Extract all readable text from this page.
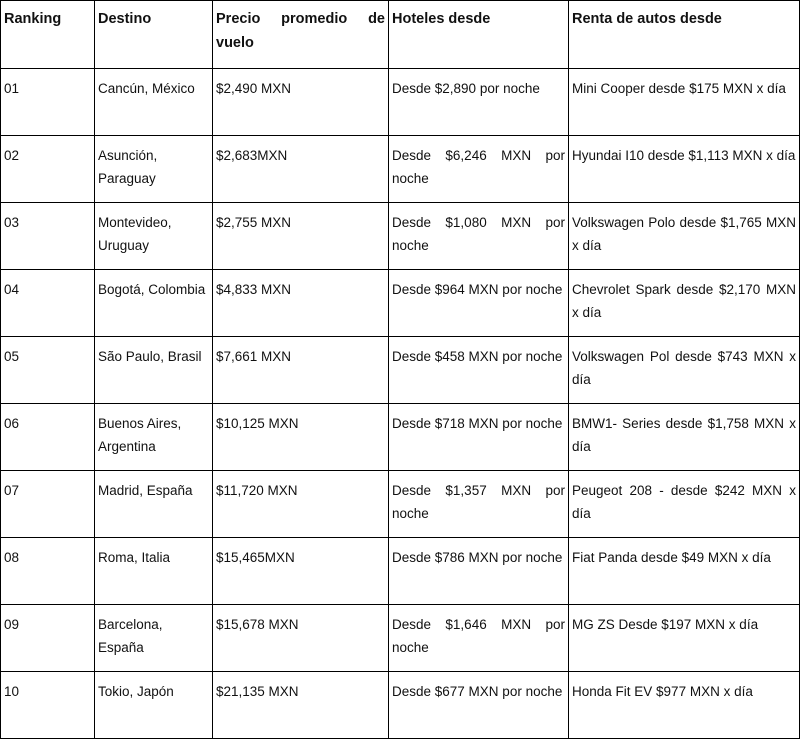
Ranking	Destino	Precio promedio de vuelo	Hoteles desde	Renta de autos desde
01	Cancún, México	$2,490 MXN	Desde $2,890 por noche	Mini Cooper desde $175 MXN x día
02	Asunción, Paraguay	$2,683MXN	Desde $6,246 MXN por noche	Hyundai I10 desde $1,113 MXN x día
03	Montevideo, Uruguay	$2,755 MXN	Desde $1,080 MXN por noche	Volkswagen Polo desde $1,765 MXN x día
04	Bogotá, Colombia	$4,833 MXN	Desde $964 MXN por noche	Chevrolet Spark desde $2,170 MXN x día
05	São Paulo, Brasil	$7,661 MXN	Desde $458 MXN por noche	Volkswagen Pol desde $743 MXN x día
06	Buenos Aires, Argentina	$10,125 MXN	Desde $718 MXN por noche	BMW1- Series desde $1,758 MXN x día
07	Madrid, España	$11,720 MXN	Desde $1,357 MXN por noche	Peugeot 208 - desde $242 MXN x día
08	Roma, Italia	$15,465MXN	Desde $786 MXN por noche	Fiat Panda desde $49 MXN x día
09	Barcelona, España	$15,678 MXN	Desde $1,646 MXN por noche	MG ZS Desde $197 MXN x día
10	Tokio, Japón	$21,135 MXN	Desde $677 MXN por noche	Honda Fit EV $977 MXN x día
